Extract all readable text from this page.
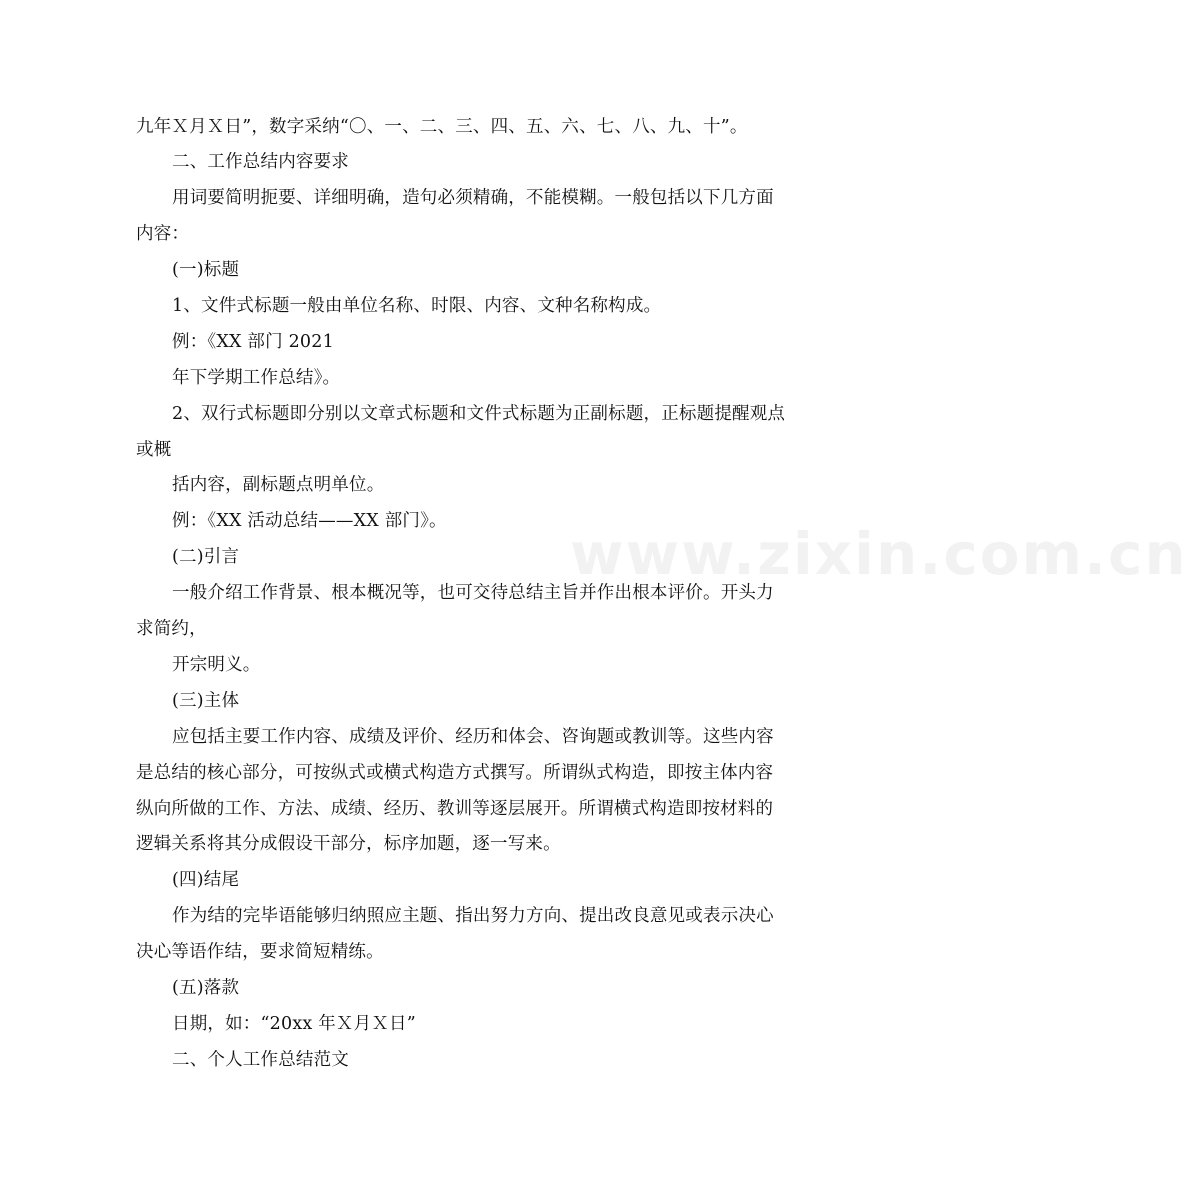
九年Ｘ月Ｘ日”，数字采纳“〇、一、二、三、四、五、六、七、八、九、十”。
二、工作总结内容要求
用词要简明扼要、详细明确，造句必须精确，不能模糊。一般包括以下几方面
内容：
(一)标题
1、文件式标题一般由单位名称、时限、内容、文种名称构成。
例：《XX 部门 2021
年下学期工作总结》。
2、双行式标题即分别以文章式标题和文件式标题为正副标题，正标题提醒观点
或概
括内容，副标题点明单位。
例：《XX 活动总结——XX 部门》。
(二)引言
一般介绍工作背景、根本概况等，也可交待总结主旨并作出根本评价。开头力
求简约，
开宗明义。
(三)主体
应包括主要工作内容、成绩及评价、经历和体会、咨询题或教训等。这些内容
是总结的核心部分，可按纵式或横式构造方式撰写。所谓纵式构造，即按主体内容
纵向所做的工作、方法、成绩、经历、教训等逐层展开。所谓横式构造即按材料的
逻辑关系将其分成假设干部分，标序加题，逐一写来。
(四)结尾
作为结的完毕语能够归纳照应主题、指出努力方向、提出改良意见或表示决心
决心等语作结，要求简短精练。
(五)落款
日期，如：“20xx 年Ｘ月Ｘ日”
二、个人工作总结范文
www.zixin.com.cn
